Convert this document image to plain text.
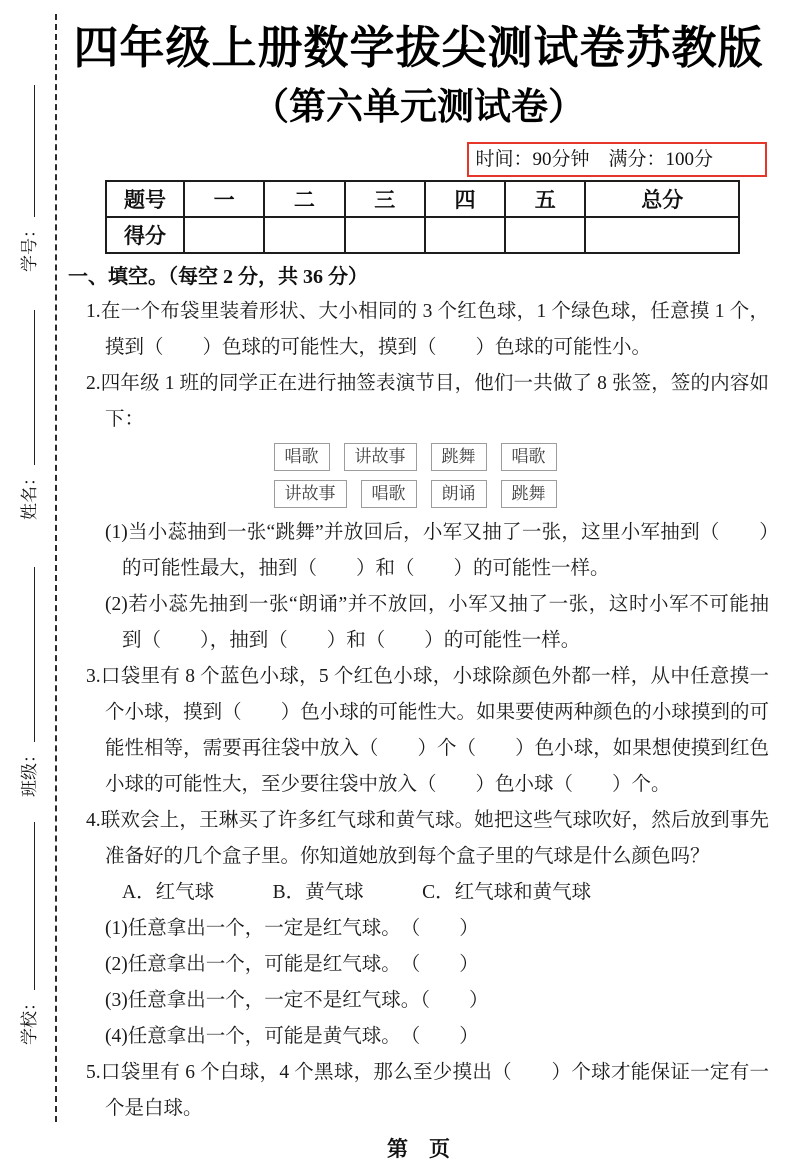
学号：
姓名：
班级：
学校：
四年级上册数学拔尖测试卷苏教版
（第六单元测试卷）
时间：90分钟　满分：100分
题号	一	二	三	四	五	总分
得分						
一、填空。（每空 2 分，共 36 分）
1.在一个布袋里装着形状、大小相同的 3 个红色球，1 个绿色球，任意摸 1 个，摸到（　　）色球的可能性大，摸到（　　）色球的可能性小。
2.四年级 1 班的同学正在进行抽签表演节目，他们一共做了 8 张签，签的内容如下：
唱歌	讲故事	跳舞	唱歌
讲故事	唱歌	朗诵	跳舞
(1)当小蕊抽到一张“跳舞”并放回后，小军又抽了一张，这里小军抽到（　　）的可能性最大，抽到（　　）和（　　）的可能性一样。
(2)若小蕊先抽到一张“朗诵”并不放回，小军又抽了一张，这时小军不可能抽到（　　），抽到（　　）和（　　）的可能性一样。
3.口袋里有 8 个蓝色小球，5 个红色小球，小球除颜色外都一样，从中任意摸一个小球，摸到（　　）色小球的可能性大。如果要使两种颜色的小球摸到的可能性相等，需要再往袋中放入（　　）个（　　）色小球，如果想使摸到红色小球的可能性大，至少要往袋中放入（　　）色小球（　　）个。
4.联欢会上，王琳买了许多红气球和黄气球。她把这些气球吹好，然后放到事先准备好的几个盒子里。你知道她放到每个盒子里的气球是什么颜色吗？
A．红气球　　　B．黄气球　　　C．红气球和黄气球
(1)任意拿出一个，一定是红气球。　（　　）
(2)任意拿出一个，可能是红气球。　（　　）
(3)任意拿出一个，一定不是红气球。（　　）
(4)任意拿出一个，可能是黄气球。　（　　）
5.口袋里有 6 个白球，4 个黑球，那么至少摸出（　　）个球才能保证一定有一个是白球。
第　页
